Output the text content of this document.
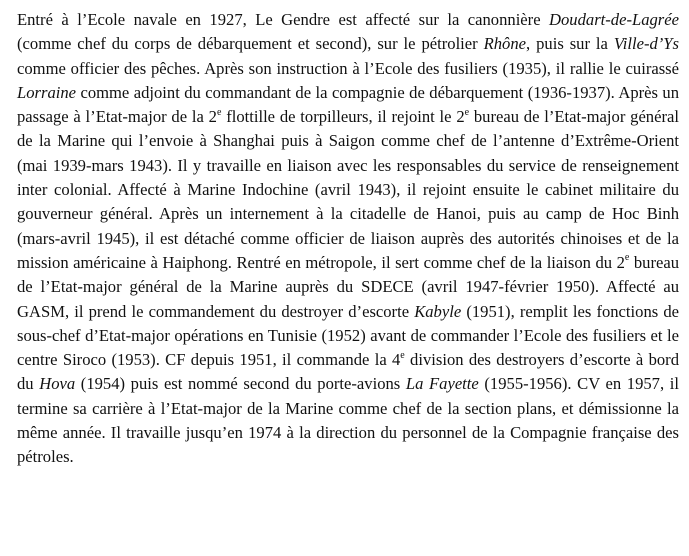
Entré à l’Ecole navale en 1927, Le Gendre est affecté sur la canonnière Doudart-de-Lagrée (comme chef du corps de débarquement et second), sur le pétrolier Rhône, puis sur la Ville-d’Ys comme officier des pêches. Après son instruction à l’Ecole des fusiliers (1935), il rallie le cuirassé Lorraine comme adjoint du commandant de la compagnie de débarquement (1936-1937). Après un passage à l’Etat-major de la 2e flottille de torpilleurs, il rejoint le 2e bureau de l’Etat-major général de la Marine qui l’envoie à Shanghai puis à Saigon comme chef de l’antenne d’Extrême-Orient (mai 1939-mars 1943). Il y travaille en liaison avec les responsables du service de renseignement inter colonial. Affecté à Marine Indochine (avril 1943), il rejoint ensuite le cabinet militaire du gouverneur général. Après un internement à la citadelle de Hanoi, puis au camp de Hoc Binh (mars-avril 1945), il est détaché comme officier de liaison auprès des autorités chinoises et de la mission américaine à Haiphong. Rentré en métropole, il sert comme chef de la liaison du 2e bureau de l’Etat-major général de la Marine auprès du SDECE (avril 1947-février 1950). Affecté au GASM, il prend le commandement du destroyer d’escorte Kabyle (1951), remplit les fonctions de sous-chef d’Etat-major opérations en Tunisie (1952) avant de commander l’Ecole des fusiliers et le centre Siroco (1953). CF depuis 1951, il commande la 4e division des destroyers d’escorte à bord du Hova (1954) puis est nommé second du porte-avions La Fayette (1955-1956). CV en 1957, il termine sa carrière à l’Etat-major de la Marine comme chef de la section plans, et démissionne la même année. Il travaille jusqu’en 1974 à la direction du personnel de la Compagnie française des pétroles.
